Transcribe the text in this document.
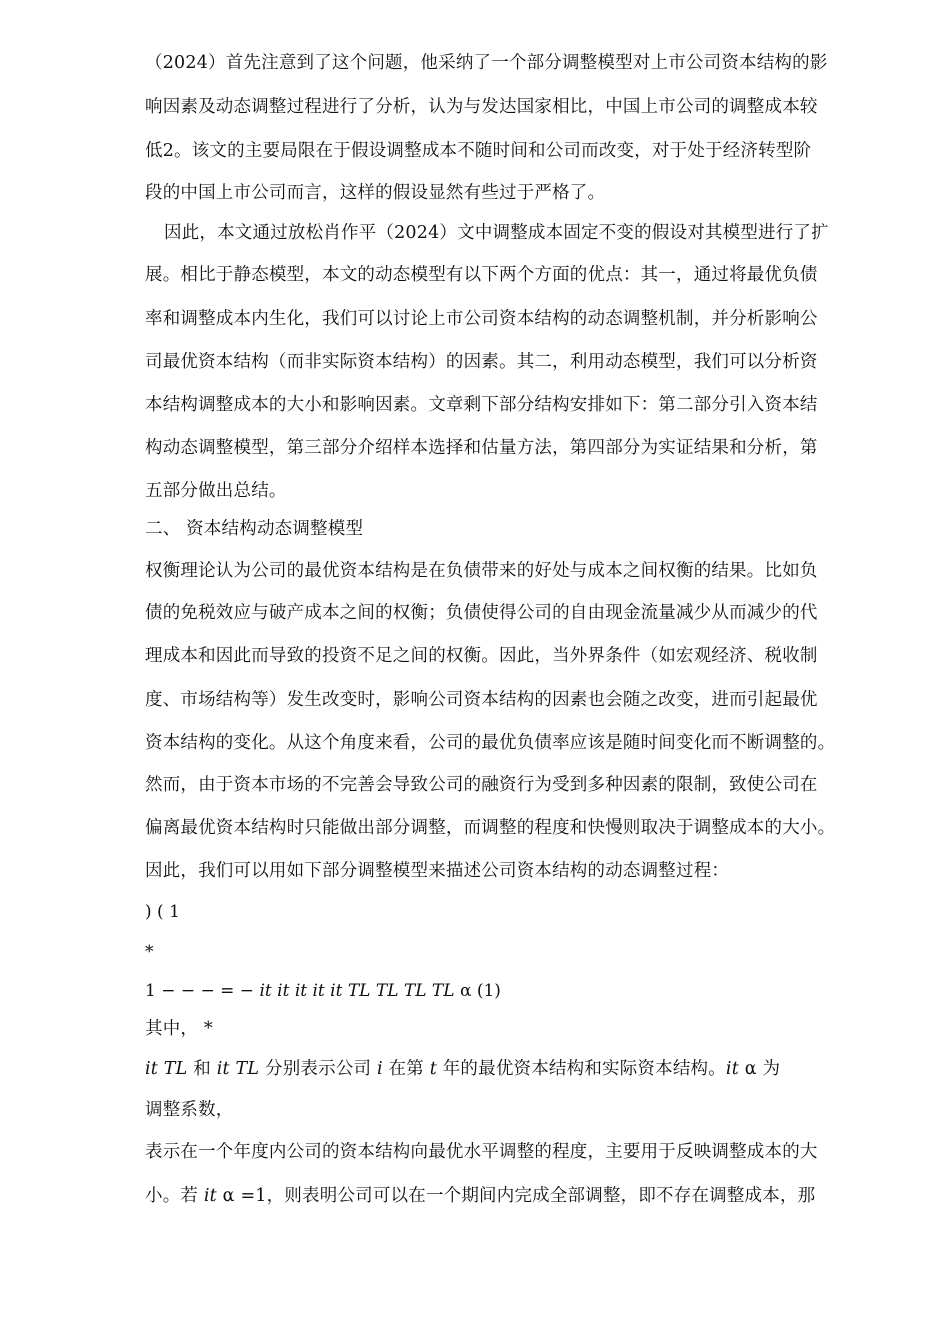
（2024）首先注意到了这个问题，他采纳了一个部分调整模型对上市公司资本结构的影
响因素及动态调整过程进行了分析，认为与发达国家相比，中国上市公司的调整成本较
低2。该文的主要局限在于假设调整成本不随时间和公司而改变，对于处于经济转型阶
段的中国上市公司而言，这样的假设显然有些过于严格了。
因此，本文通过放松肖作平（2024）文中调整成本固定不变的假设对其模型进行了扩
展。相比于静态模型，本文的动态模型有以下两个方面的优点：其一，通过将最优负债
率和调整成本内生化，我们可以讨论上市公司资本结构的动态调整机制，并分析影响公
司最优资本结构（而非实际资本结构）的因素。其二，利用动态模型，我们可以分析资
本结构调整成本的大小和影响因素。文章剩下部分结构安排如下：第二部分引入资本结
构动态调整模型，第三部分介绍样本选择和估量方法，第四部分为实证结果和分析，第
五部分做出总结。
二、 资本结构动态调整模型
权衡理论认为公司的最优资本结构是在负债带来的好处与成本之间权衡的结果。比如负
债的免税效应与破产成本之间的权衡；负债使得公司的自由现金流量减少从而减少的代
理成本和因此而导致的投资不足之间的权衡。因此，当外界条件（如宏观经济、税收制
度、市场结构等）发生改变时，影响公司资本结构的因素也会随之改变，进而引起最优
资本结构的变化。从这个角度来看，公司的最优负债率应该是随时间变化而不断调整的。
然而，由于资本市场的不完善会导致公司的融资行为受到多种因素的限制，致使公司在
偏离最优资本结构时只能做出部分调整，而调整的程度和快慢则取决于调整成本的大小。
因此，我们可以用如下部分调整模型来描述公司资本结构的动态调整过程：
) ( 1
*
1 − − − = − it it it it it TL TL TL TL α (1)
其中， *
it TL 和 it TL 分别表示公司 i 在第 t 年的最优资本结构和实际资本结构。it α 为
调整系数，
表示在一个年度内公司的资本结构向最优水平调整的程度，主要用于反映调整成本的大
小。若 it α =1，则表明公司可以在一个期间内完成全部调整，即不存在调整成本，那
